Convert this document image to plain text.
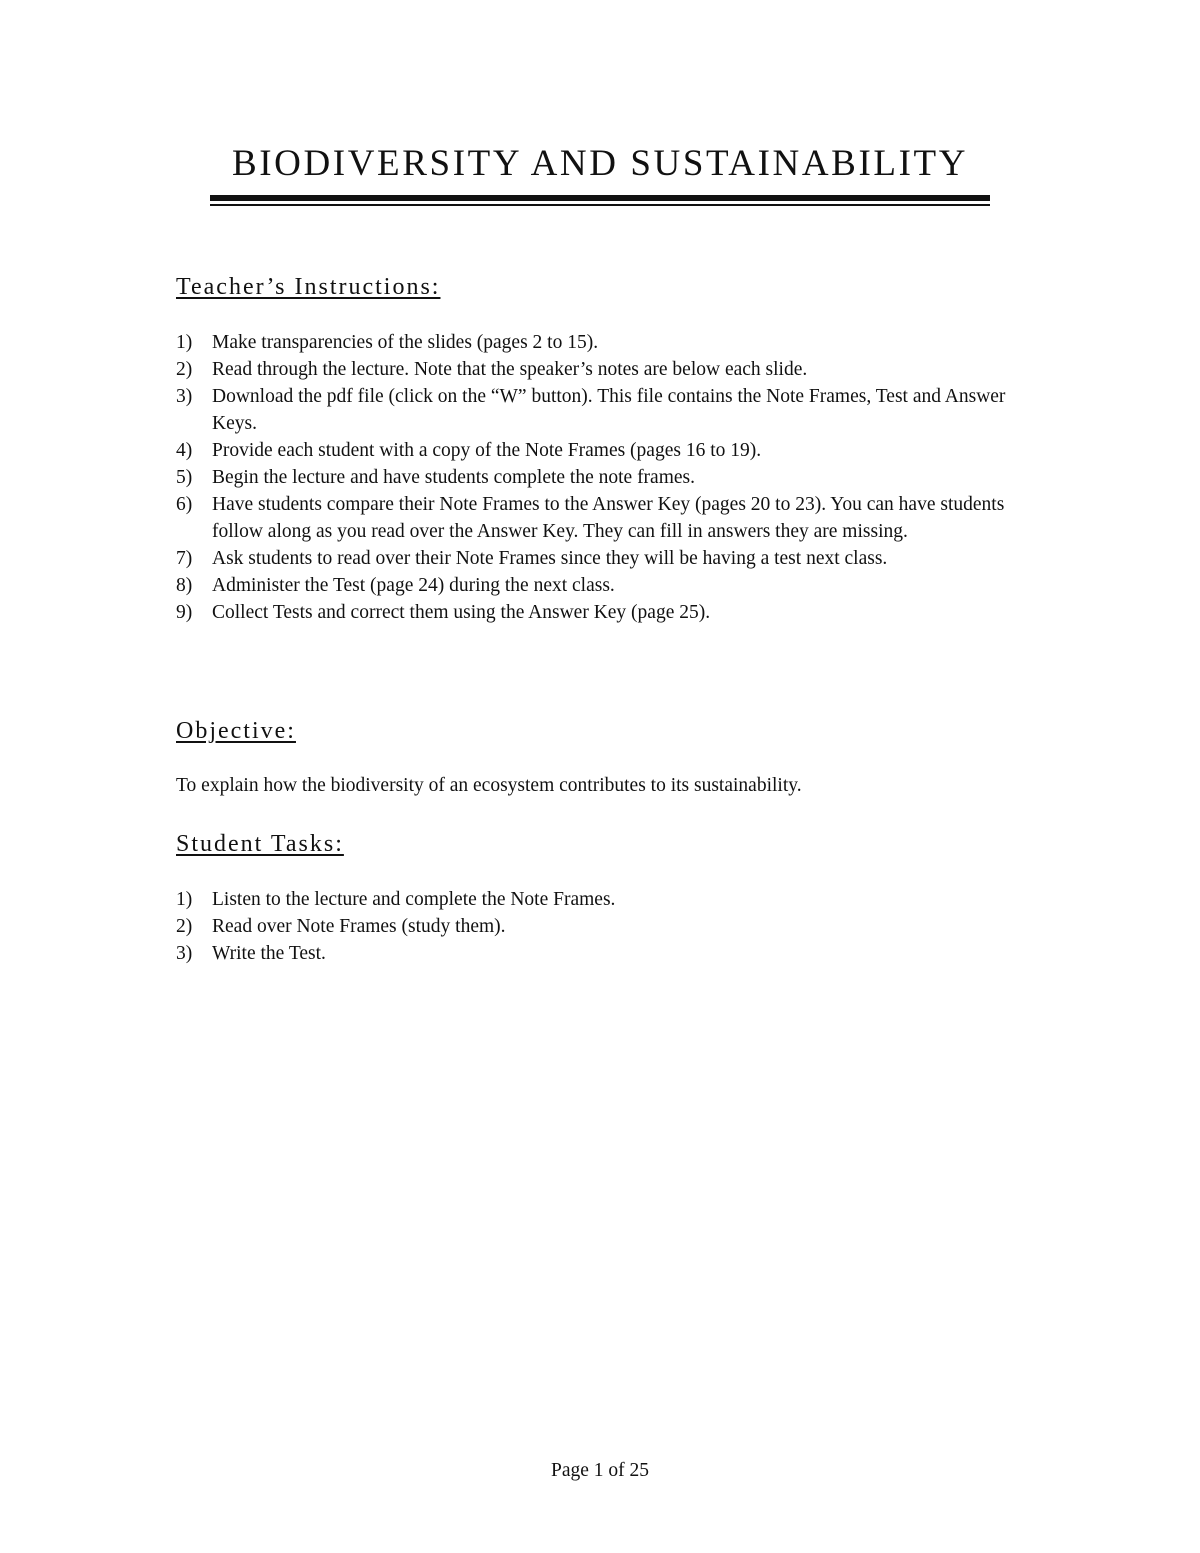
BIODIVERSITY AND SUSTAINABILITY
Teacher’s Instructions:
1) Make transparencies of the slides (pages 2 to 15).
2) Read through the lecture. Note that the speaker’s notes are below each slide.
3) Download the pdf file (click on the “W” button). This file contains the Note Frames, Test and Answer Keys.
4) Provide each student with a copy of the Note Frames (pages 16 to 19).
5) Begin the lecture and have students complete the note frames.
6) Have students compare their Note Frames to the Answer Key (pages 20 to 23). You can have students follow along as you read over the Answer Key. They can fill in answers they are missing.
7) Ask students to read over their Note Frames since they will be having a test next class.
8) Administer the Test (page 24) during the next class.
9) Collect Tests and correct them using the Answer Key (page 25).
Objective:
To explain how the biodiversity of an ecosystem contributes to its sustainability.
Student Tasks:
1) Listen to the lecture and complete the Note Frames.
2) Read over Note Frames (study them).
3) Write the Test.
Page 1 of 25
